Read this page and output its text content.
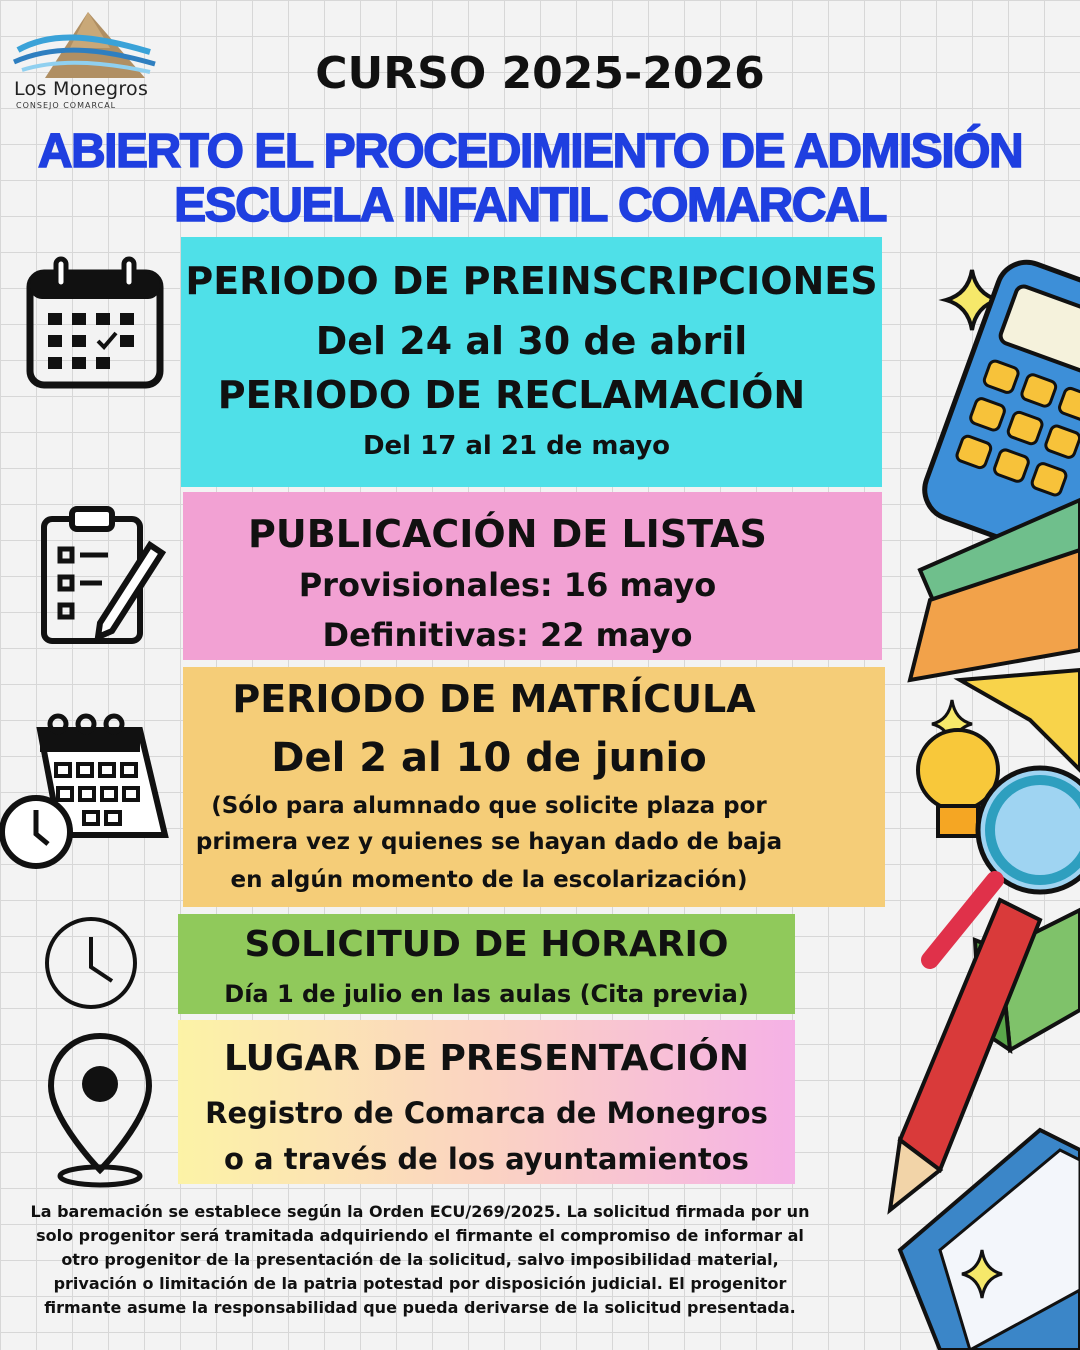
Los Monegros
CONSEJO COMARCAL
CURSO 2025-2026
ABIERTO EL PROCEDIMIENTO DE ADMISIÓN
ESCUELA INFANTIL COMARCAL
PERIODO DE PREINSCRIPCIONES
Del 24 al 30 de abril
PERIODO DE RECLAMACIÓN
Del 17 al 21 de mayo
PUBLICACIÓN DE LISTAS
Provisionales: 16 mayo
Definitivas: 22 mayo
PERIODO DE MATRÍCULA
Del 2 al 10 de junio
(Sólo para alumnado que solicite plaza por
primera vez y quienes se hayan dado de baja
en algún momento de la escolarización)
SOLICITUD DE HORARIO
Día 1 de julio en las aulas (Cita previa)
LUGAR DE PRESENTACIÓN
Registro de Comarca de Monegros
o a través de los ayuntamientos
La baremación se establece según la Orden ECU/269/2025. La solicitud firmada por un
solo progenitor será tramitada adquiriendo el firmante el compromiso de informar al
otro progenitor de la presentación de la solicitud, salvo imposibilidad material,
privación o limitación de la patria potestad por disposición judicial. El progenitor
firmante asume la responsabilidad que pueda derivarse de la solicitud presentada.
